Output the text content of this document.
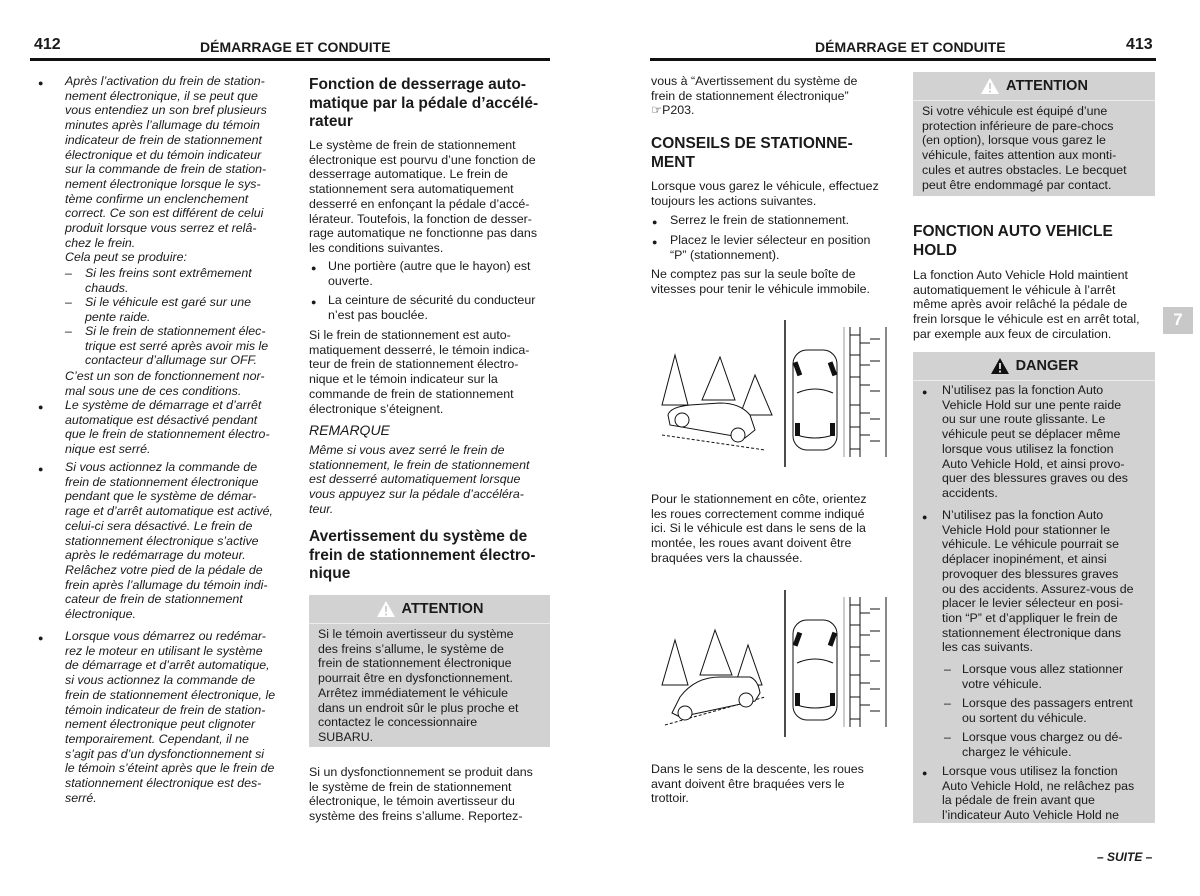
412	DÉMARRAGE ET CONDUITE	DÉMARRAGE ET CONDUITE	413
● Après l’activation du frein de station-
nement électronique, il se peut que
vous entendiez un son bref plusieurs
minutes après l’allumage du témoin
indicateur de frein de stationnement
électronique et du témoin indicateur
sur la commande de frein de station-
nement électronique lorsque le sys-
tème confirme un enclenchement
correct. Ce son est différent de celui
produit lorsque vous serrez et relâ-
chez le frein.
Cela peut se produire:
– Si les freins sont extrêmement
chauds.
– Si le véhicule est garé sur une
pente raide.
– Si le frein de stationnement élec-
trique est serré après avoir mis le
contacteur d’allumage sur OFF.
C’est un son de fonctionnement nor-
mal sous une de ces conditions.
● Le système de démarrage et d’arrêt
automatique est désactivé pendant
que le frein de stationnement électro-
nique est serré.
● Si vous actionnez la commande de
frein de stationnement électronique
pendant que le système de démar-
rage et d’arrêt automatique est activé,
celui-ci sera désactivé. Le frein de
stationnement électronique s’active
après le redémarrage du moteur.
Relâchez votre pied de la pédale de
frein après l’allumage du témoin indi-
cateur de frein de stationnement
électronique.
● Lorsque vous démarrez ou redémar-
rez le moteur en utilisant le système
de démarrage et d’arrêt automatique,
si vous actionnez la commande de
frein de stationnement électronique, le
témoin indicateur de frein de station-
nement électronique peut clignoter
temporairement. Cependant, il ne
s’agit pas d’un dysfonctionnement si
le témoin s’éteint après que le frein de
stationnement électronique est des-
serré.
Fonction de desserrage auto-
matique par la pédale d’accélé-
rateur
Le système de frein de stationnement
électronique est pourvu d’une fonction de
desserrage automatique. Le frein de
stationnement sera automatiquement
desserré en enfonçant la pédale d’accé-
lérateur. Toutefois, la fonction de desser-
rage automatique ne fonctionne pas dans
les conditions suivantes.
● Une portière (autre que le hayon) est
ouverte.
● La ceinture de sécurité du conducteur
n’est pas bouclée.
Si le frein de stationnement est auto-
matiquement desserré, le témoin indica-
teur de frein de stationnement électro-
nique et le témoin indicateur sur la
commande de frein de stationnement
électronique s’éteignent.
REMARQUE
Même si vous avez serré le frein de
stationnement, le frein de stationnement
est desserré automatiquement lorsque
vous appuyez sur la pédale d’accéléra-
teur.
Avertissement du système de
frein de stationnement électro-
nique
ATTENTION
Si le témoin avertisseur du système
des freins s’allume, le système de
frein de stationnement électronique
pourrait être en dysfonctionnement.
Arrêtez immédiatement le véhicule
dans un endroit sûr le plus proche et
contactez le concessionnaire
SUBARU.
Si un dysfonctionnement se produit dans
le système de frein de stationnement
électronique, le témoin avertisseur du
système des freins s’allume. Reportez-
vous à “Avertissement du système de
frein de stationnement électronique”
☞P203.
CONSEILS DE STATIONNE-
MENT
Lorsque vous garez le véhicule, effectuez
toujours les actions suivantes.
● Serrez le frein de stationnement.
● Placez le levier sélecteur en position
“P” (stationnement).
Ne comptez pas sur la seule boîte de
vitesses pour tenir le véhicule immobile.
Pour le stationnement en côte, orientez
les roues correctement comme indiqué
ici. Si le véhicule est dans le sens de la
montée, les roues avant doivent être
braquées vers la chaussée.
Dans le sens de la descente, les roues
avant doivent être braquées vers le
trottoir.
ATTENTION
Si votre véhicule est équipé d’une
protection inférieure de pare-chocs
(en option), lorsque vous garez le
véhicule, faites attention aux monti-
cules et autres obstacles. Le becquet
peut être endommagé par contact.
FONCTION AUTO VEHICLE
HOLD
La fonction Auto Vehicle Hold maintient
automatiquement le véhicule à l’arrêt
même après avoir relâché la pédale de
frein lorsque le véhicule est en arrêt total,
par exemple aux feux de circulation.
DANGER
● N’utilisez pas la fonction Auto
Vehicle Hold sur une pente raide
ou sur une route glissante. Le
véhicule peut se déplacer même
lorsque vous utilisez la fonction
Auto Vehicle Hold, et ainsi provo-
quer des blessures graves ou des
accidents.
● N’utilisez pas la fonction Auto
Vehicle Hold pour stationner le
véhicule. Le véhicule pourrait se
déplacer inopinément, et ainsi
provoquer des blessures graves
ou des accidents. Assurez-vous de
placer le levier sélecteur en posi-
tion “P” et d’appliquer le frein de
stationnement électronique dans
les cas suivants.
– Lorsque vous allez stationner
votre véhicule.
– Lorsque des passagers entrent
ou sortent du véhicule.
– Lorsque vous chargez ou dé-
chargez le véhicule.
● Lorsque vous utilisez la fonction
Auto Vehicle Hold, ne relâchez pas
la pédale de frein avant que
l’indicateur Auto Vehicle Hold ne
7
– SUITE –
